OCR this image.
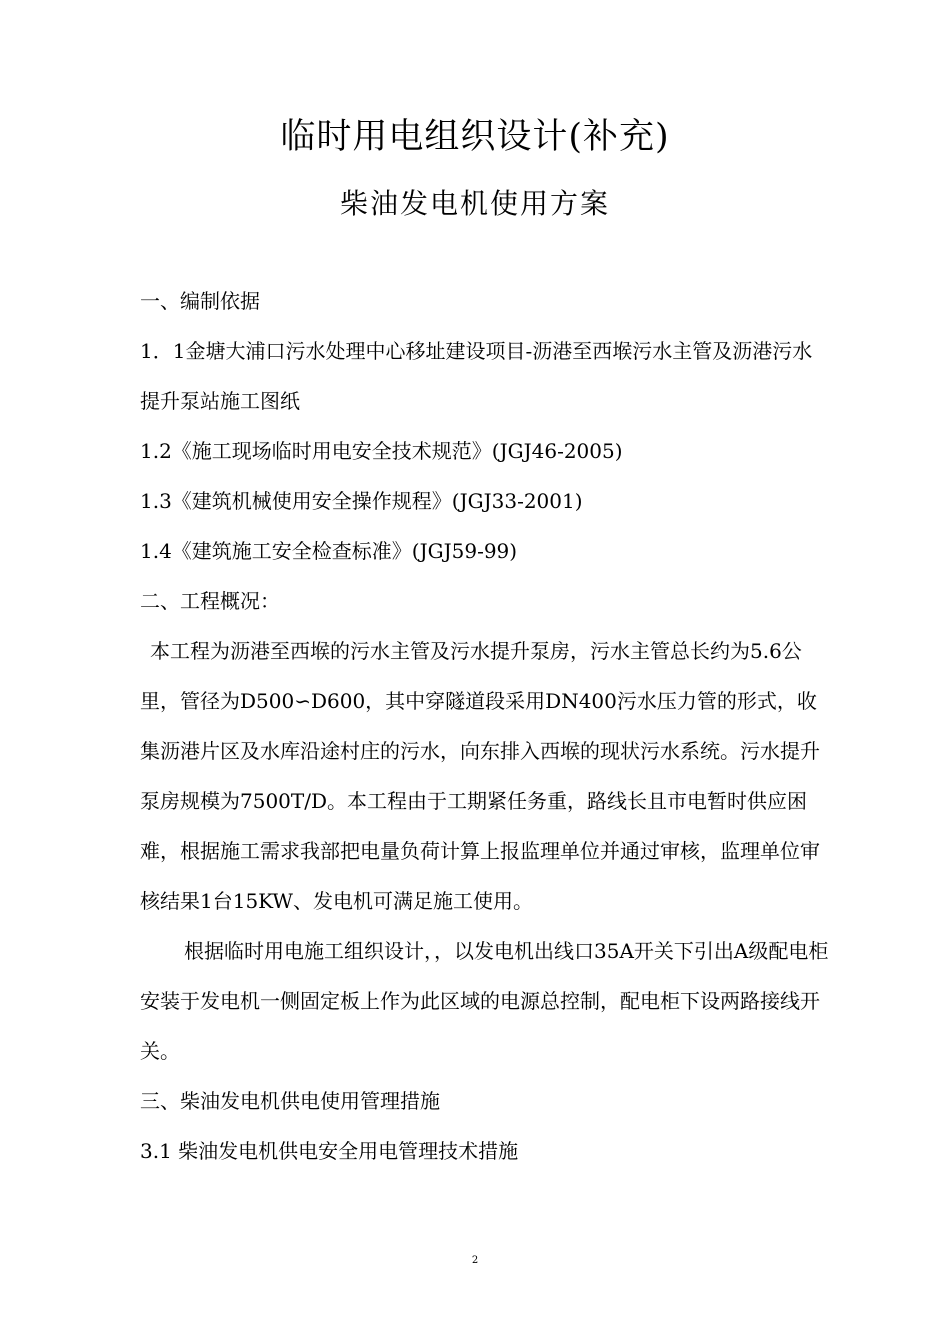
临时用电组织设计(补充)
柴油发电机使用方案

一、编制依据

1．1金塘大浦口污水处理中心移址建设项目-沥港至西堠污水主管及沥港污水提升泵站施工图纸

1.2《施工现场临时用电安全技术规范》(JGJ46-2005)

1.3《建筑机械使用安全操作规程》(JGJ33-2001)

1.4《建筑施工安全检查标准》(JGJ59-99)

二、工程概况：

本工程为沥港至西堠的污水主管及污水提升泵房，污水主管总长约为5.6公里，管径为D500∽D600，其中穿隧道段采用DN400污水压力管的形式，收集沥港片区及水库沿途村庄的污水，向东排入西堠的现状污水系统。污水提升泵房规模为7500T/D。本工程由于工期紧任务重，路线长且市电暂时供应困难，根据施工需求我部把电量负荷计算上报监理单位并通过审核，监理单位审核结果1台15KW、发电机可满足施工使用。

根据临时用电施工组织设计，，以发电机出线口35A开关下引出A级配电柜安装于发电机一侧固定板上作为此区域的电源总控制，配电柜下设两路接线开关。

三、柴油发电机供电使用管理措施

3.1 柴油发电机供电安全用电管理技术措施

2
